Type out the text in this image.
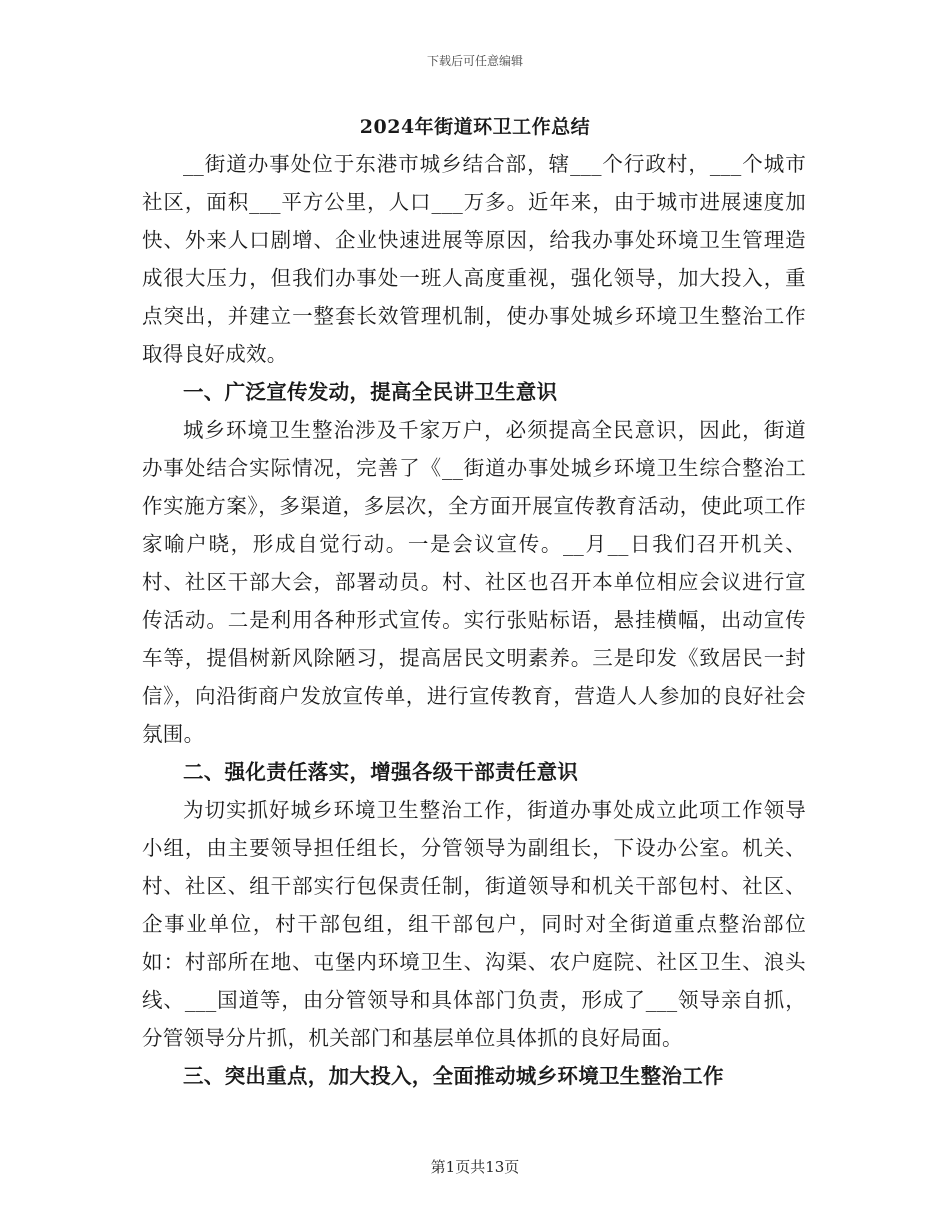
下载后可任意编辑
2024年街道环卫工作总结

__街道办事处位于东港市城乡结合部，辖___个行政村，___个城市社区，面积___平方公里，人口___万多。近年来，由于城市进展速度加快、外来人口剧增、企业快速进展等原因，给我办事处环境卫生管理造成很大压力，但我们办事处一班人高度重视，强化领导，加大投入，重点突出，并建立一整套长效管理机制，使办事处城乡环境卫生整治工作取得良好成效。

一、广泛宣传发动，提高全民讲卫生意识

城乡环境卫生整治涉及千家万户，必须提高全民意识，因此，街道办事处结合实际情况，完善了《__街道办事处城乡环境卫生综合整治工作实施方案》，多渠道，多层次，全方面开展宣传教育活动，使此项工作家喻户晓，形成自觉行动。一是会议宣传。__月__日我们召开机关、村、社区干部大会，部署动员。村、社区也召开本单位相应会议进行宣传活动。二是利用各种形式宣传。实行张贴标语，悬挂横幅，出动宣传车等，提倡树新风除陋习，提高居民文明素养。三是印发《致居民一封信》，向沿街商户发放宣传单，进行宣传教育，营造人人参加的良好社会氛围。

二、强化责任落实，增强各级干部责任意识

为切实抓好城乡环境卫生整治工作，街道办事处成立此项工作领导小组，由主要领导担任组长，分管领导为副组长，下设办公室。机关、村、社区、组干部实行包保责任制，街道领导和机关干部包村、社区、企事业单位，村干部包组，组干部包户，同时对全街道重点整治部位如：村部所在地、屯堡内环境卫生、沟渠、农户庭院、社区卫生、浪头线、___国道等，由分管领导和具体部门负责，形成了___领导亲自抓，分管领导分片抓，机关部门和基层单位具体抓的良好局面。

三、突出重点，加大投入，全面推动城乡环境卫生整治工作
第1页共13页
